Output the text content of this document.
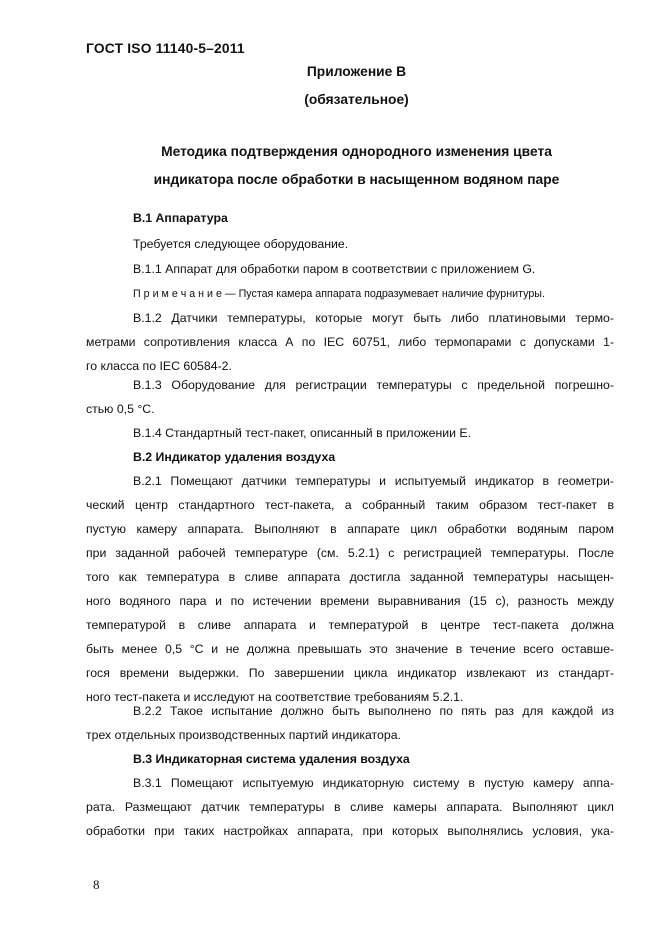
ГОСТ ISO 11140-5–2011
Приложение В
(обязательное)
Методика подтверждения однородного изменения цвета
индикатора после обработки в насыщенном водяном паре
В.1 Аппаратура
Требуется следующее оборудование.
В.1.1 Аппарат для обработки паром в соответствии с приложением G.
П р и м е ч а н и е — Пустая камера аппарата подразумевает наличие фурнитуры.
В.1.2 Датчики температуры, которые могут быть либо платиновыми термо-
метрами сопротивления класса А по IEC 60751, либо термопарами с допусками 1-
го класса по IEC 60584-2.
В.1.3 Оборудование для регистрации температуры с предельной погрешно-
стью 0,5 °С.
В.1.4 Стандартный тест-пакет, описанный в приложении Е.
В.2 Индикатор удаления воздуха
В.2.1 Помещают датчики температуры и испытуемый индикатор в геометри-
ческий центр стандартного тест-пакета, а собранный таким образом тест-пакет в
пустую камеру аппарата. Выполняют в аппарате цикл обработки водяным паром
при заданной рабочей температуре (см. 5.2.1) с регистрацией температуры. После
того как температура в сливе аппарата достигла заданной температуры насыщен-
ного водяного пара и по истечении времени выравнивания (15 с), разность между
температурой в сливе аппарата и температурой в центре тест-пакета должна
быть менее 0,5 °С и не должна превышать это значение в течение всего оставше-
гося времени выдержки. По завершении цикла индикатор извлекают из стандарт-
ного тест-пакета и исследуют на соответствие требованиям 5.2.1.
В.2.2 Такое испытание должно быть выполнено по пять раз для каждой из
трех отдельных производственных партий индикатора.
В.3 Индикаторная система удаления воздуха
В.3.1 Помещают испытуемую индикаторную систему в пустую камеру аппа-
рата. Размещают датчик температуры в сливе камеры аппарата. Выполняют цикл
обработки при таких настройках аппарата, при которых выполнялись условия, ука-
8
